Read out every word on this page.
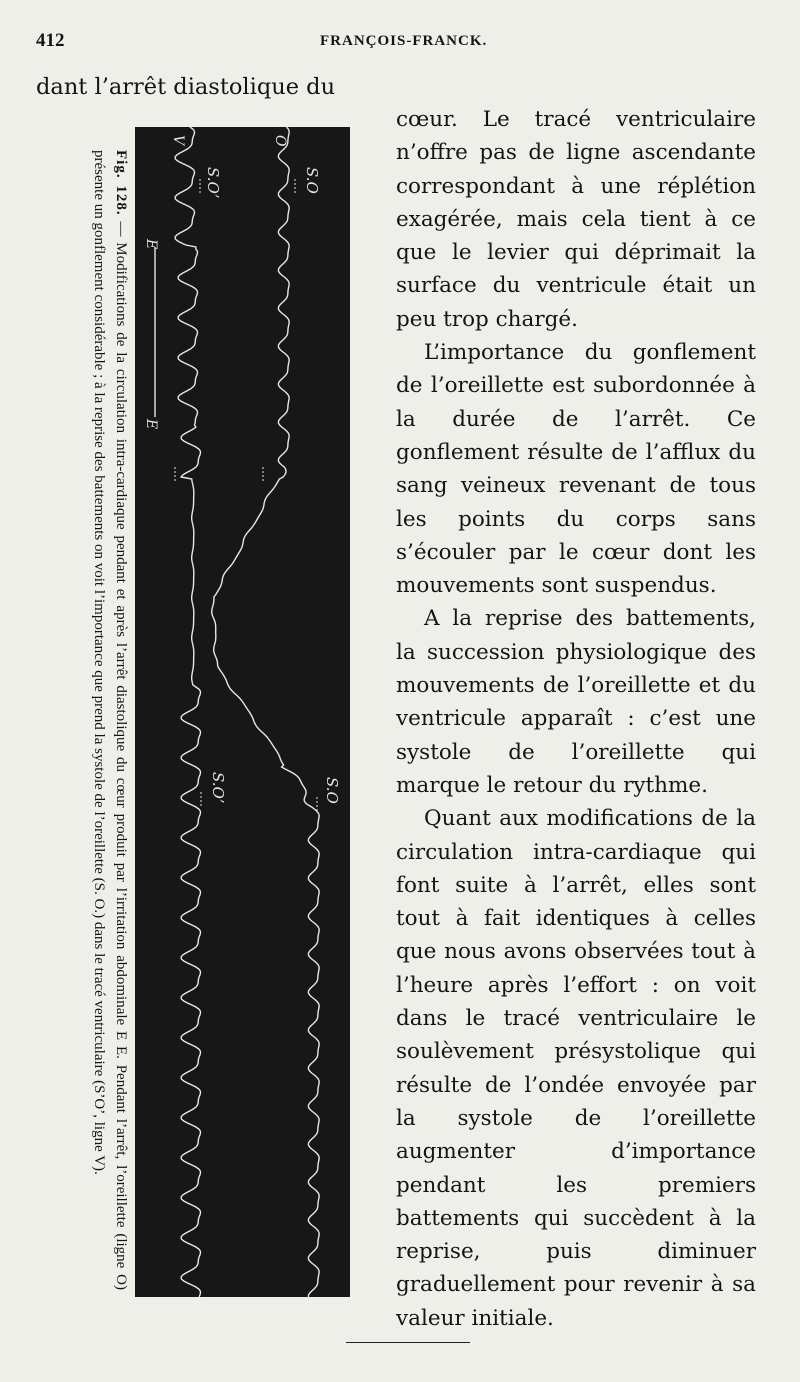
412	FRANÇOIS-FRANCK.
dant l’arrêt diastolique du

cœur. Le tracé ventriculaire n’offre pas de ligne ascendante correspondant à une réplétion exagérée, mais cela tient à ce que le levier qui déprimait la surface du ventricule était un peu trop chargé.

L’importance du gonflement de l’oreillette est subordonnée à la durée de l’arrêt. Ce gonflement résulte de l’afflux du sang veineux revenant de tous les points du corps sans s’écouler par le cœur dont les mouvements sont suspendus.

A la reprise des battements, la succession physiologique des mouvements de l’oreillette et du ventricule apparaît : c’est une systole de l’oreillette qui marque le retour du rythme.

Quant aux modifications de la circulation intra-cardiaque qui font suite à l’arrêt, elles sont tout à fait identiques à celles que nous avons observées tout à l’heure après l’effort : on voit dans le tracé ventriculaire le soulèvement présystolique qui résulte de l’ondée envoyée par la systole de l’oreillette augmenter d’importance pendant les premiers battements qui succèdent à la reprise, puis diminuer graduellement pour revenir à sa valeur initiale.

Fig. 128. — Modifications de la circulation intra-cardiaque pendant et après l’arrêt diastolique du cœur produit par l’irritation abdominale E E. Pendant l’arrêt, l’oreillette (ligne O) présente un gonflement considérable ; à la reprise des battements on voit l’importance que prend la systole de l’oreillette (S. O.) dans le tracé ventriculaire (S’O’, ligne V).
O
V
S.O
S.O’
E
E
S.O
S.O’
